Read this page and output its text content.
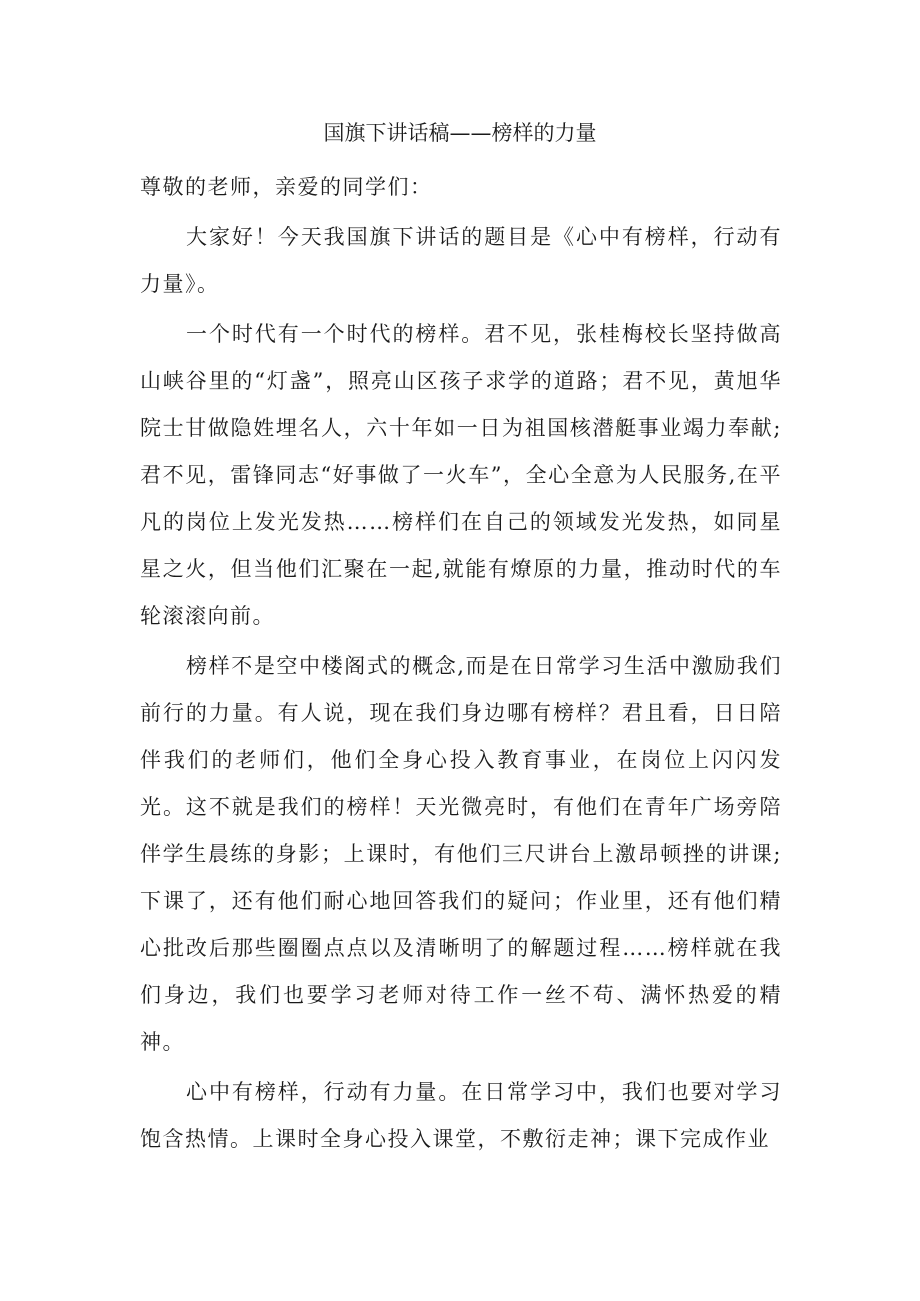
国旗下讲话稿——榜样的力量

尊敬的老师，亲爱的同学们：

大家好！今天我国旗下讲话的题目是《心中有榜样，行动有力量》。

一个时代有一个时代的榜样。君不见，张桂梅校长坚持做高山峡谷里的“灯盏”，照亮山区孩子求学的道路；君不见，黄旭华院士甘做隐姓埋名人，六十年如一日为祖国核潜艇事业竭力奉献;君不见，雷锋同志“好事做了一火车”，全心全意为人民服务,在平凡的岗位上发光发热……榜样们在自己的领域发光发热，如同星星之火，但当他们汇聚在一起,就能有燎原的力量，推动时代的车轮滚滚向前。

榜样不是空中楼阁式的概念,而是在日常学习生活中激励我们前行的力量。有人说，现在我们身边哪有榜样？君且看，日日陪伴我们的老师们，他们全身心投入教育事业，在岗位上闪闪发光。这不就是我们的榜样！天光微亮时，有他们在青年广场旁陪伴学生晨练的身影；上课时，有他们三尺讲台上激昂顿挫的讲课;下课了，还有他们耐心地回答我们的疑问；作业里，还有他们精心批改后那些圈圈点点以及清晰明了的解题过程……榜样就在我们身边，我们也要学习老师对待工作一丝不苟、满怀热爱的精神。

心中有榜样，行动有力量。在日常学习中，我们也要对学习饱含热情。上课时全身心投入课堂，不敷衍走神；课下完成作业
